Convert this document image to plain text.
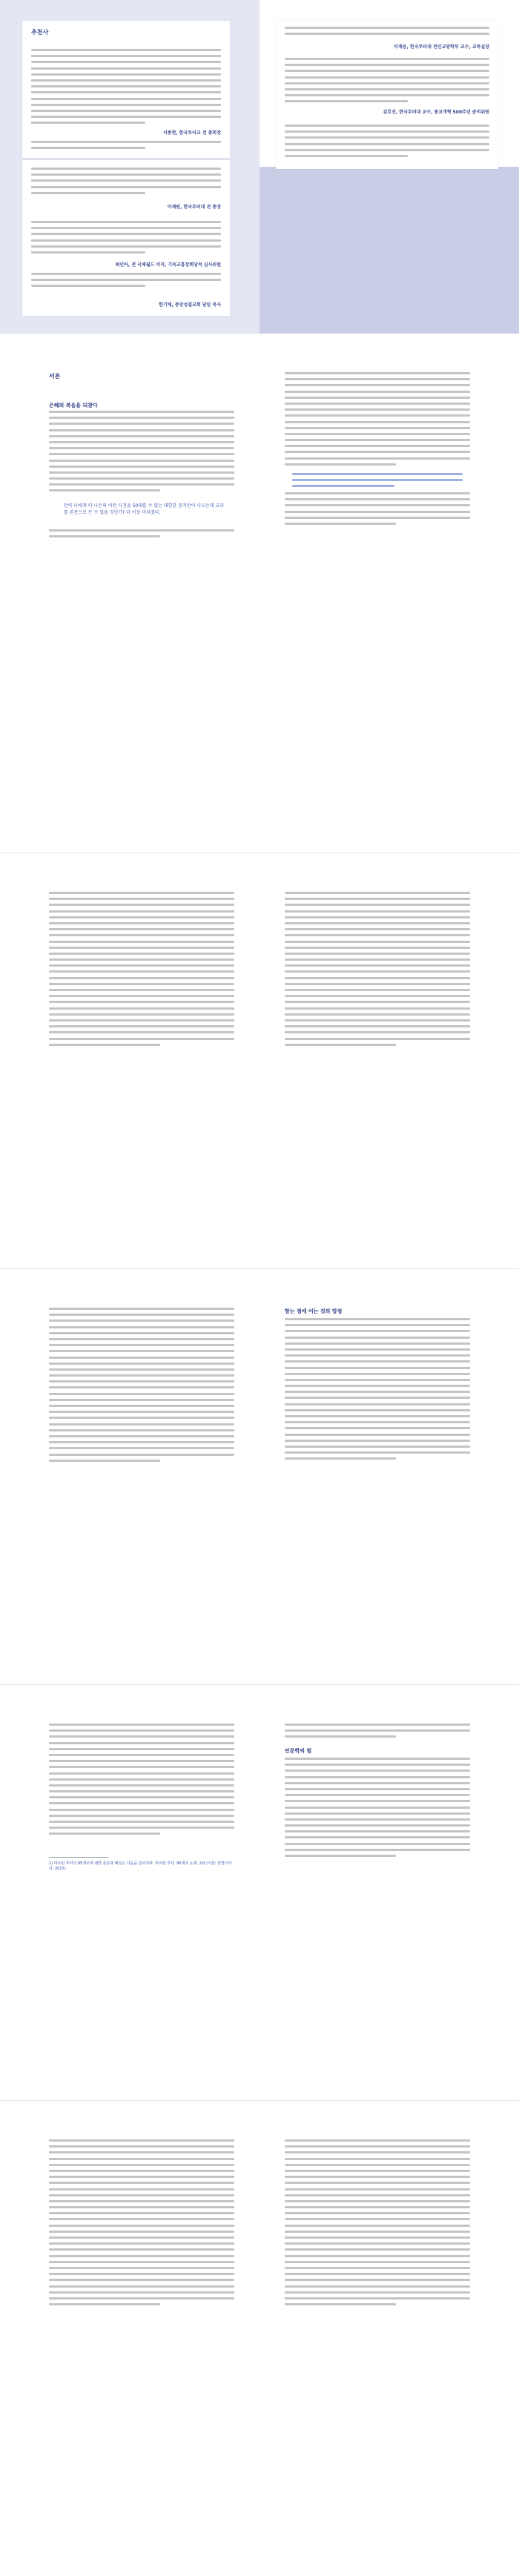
추천사
서종현, 한국루터교 전 총회장
이재웅, 한국루터대 전인교양학부 교수, 교목실장
김호진, 한국루터대 교수, 종교개혁 500주년 준비위원
이재원, 한국루터대 전 총장
최인아, 전 국제월드 비저, 기독교흥장회당석 심사위원
한기채, 중앙성결교회 담임 목사
서론
은혜의 복음을 되찾다
만약 나에게 더 나은의 이런 사건을 50대를 수 있는 대한한 증거만이 나오는데 교리를 본문으로 든 수 있을 것인가? 더 이상 미치겠다.
항는 점에 어는 것의 맘점
1) 마르틴 루터의 95개조에 대한 본문과 해설은 다음을 참조하라. 마르틴 루터, 95개조 논제, 2판 (서울: 컨콜디아사, 2017).
인문학의 힘
